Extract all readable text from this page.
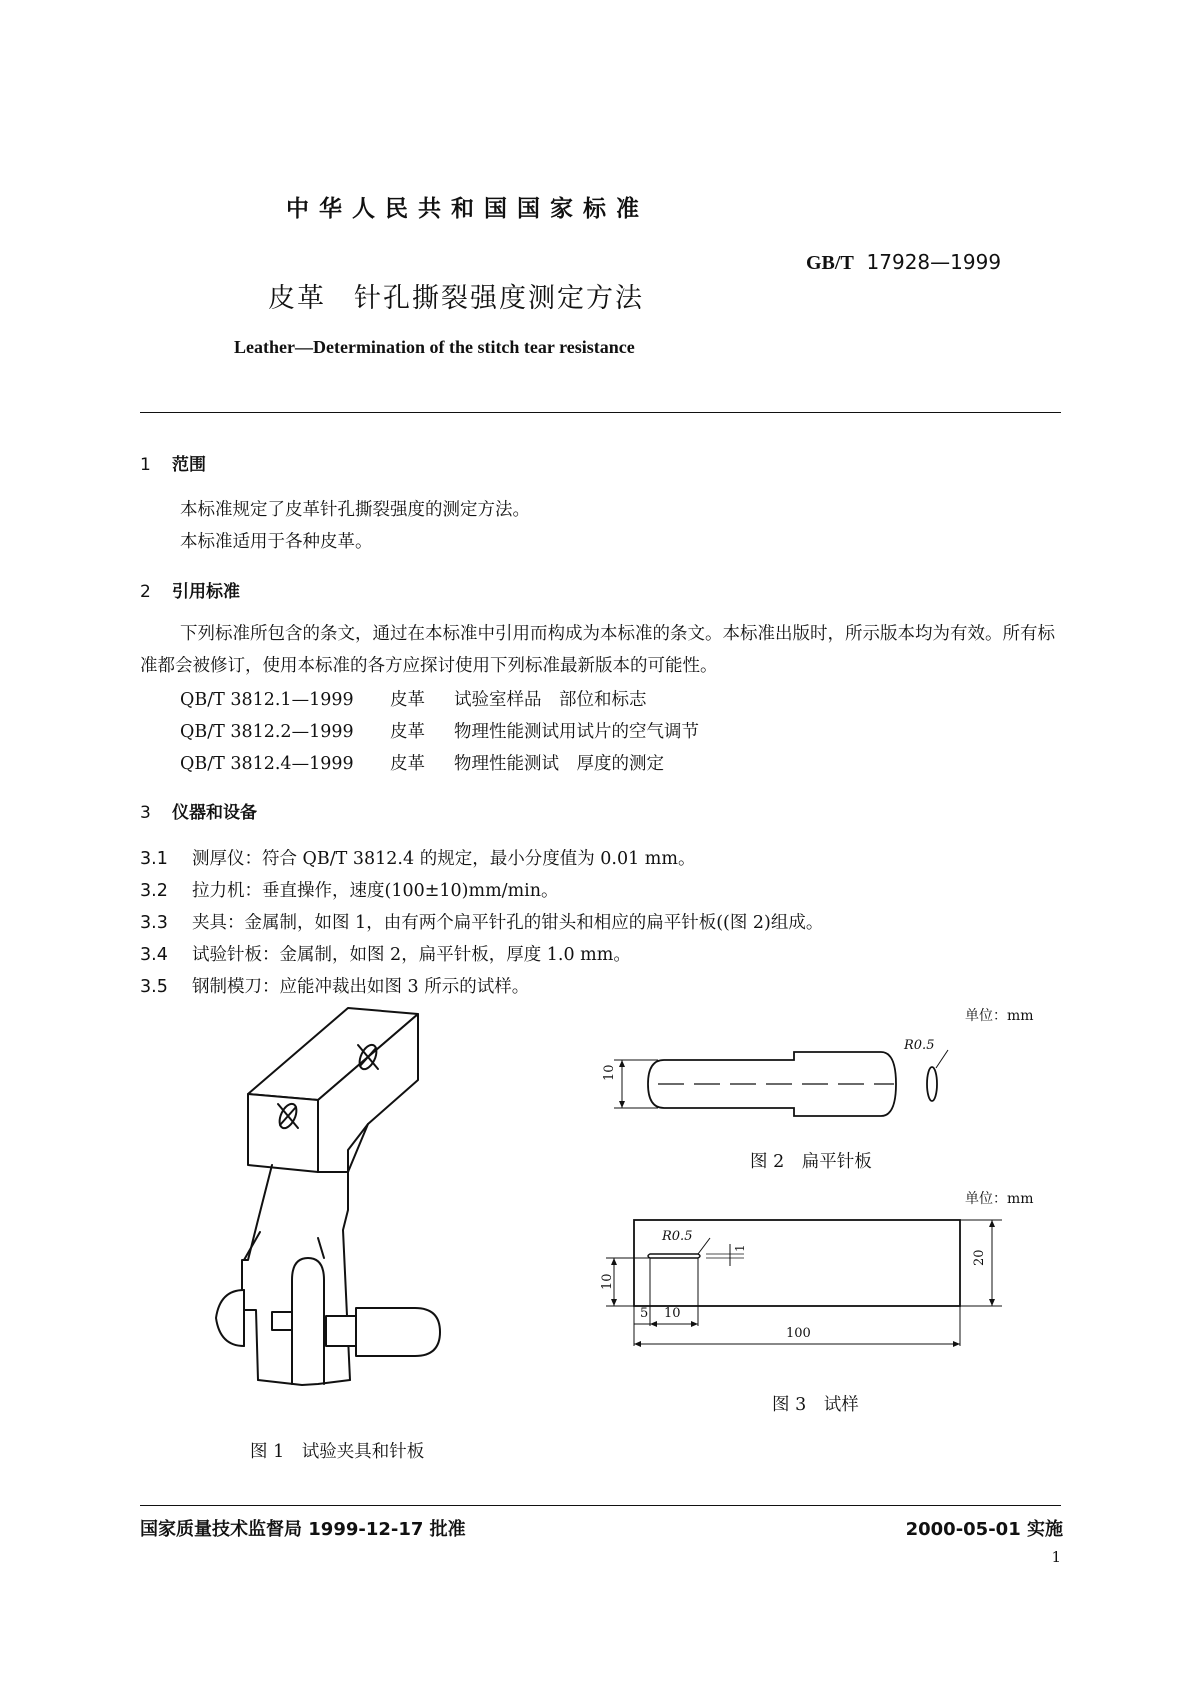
中华人民共和国国家标准
GB/T 17928—1999
皮革 针孔撕裂强度测定方法
Leather—Determination of the stitch tear resistance
1 范围
本标准规定了皮革针孔撕裂强度的测定方法。
本标准适用于各种皮革。
2 引用标准
下列标准所包含的条文，通过在本标准中引用而构成为本标准的条文。本标准出版时，所示版本均为有效。所有标准都会被修订，使用本标准的各方应探讨使用下列标准最新版本的可能性。
QB/T 3812.1—1999 皮革 试验室样品　部位和标志
QB/T 3812.2—1999 皮革 物理性能测试用试片的空气调节
QB/T 3812.4—1999 皮革 物理性能测试　厚度的测定
3 仪器和设备
3.1 测厚仪：符合 QB/T 3812.4 的规定，最小分度值为 0.01 mm。
3.2 拉力机：垂直操作，速度(100±10)mm/min。
3.3 夹具：金属制，如图 1，由有两个扁平针孔的钳头和相应的扁平针板((图 2)组成。
3.4 试验针板：金属制，如图 2，扁平针板，厚度 1.0 mm。
3.5 钢制模刀：应能冲裁出如图 3 所示的试样。
图 1　试验夹具和针板
单位：mm
10
R0.5
图 2　扁平针板
单位：mm
R0.5
1
10
20
5 10
100
图 3　试样
国家质量技术监督局 1999-12-17 批准	2000-05-01 实施
1
